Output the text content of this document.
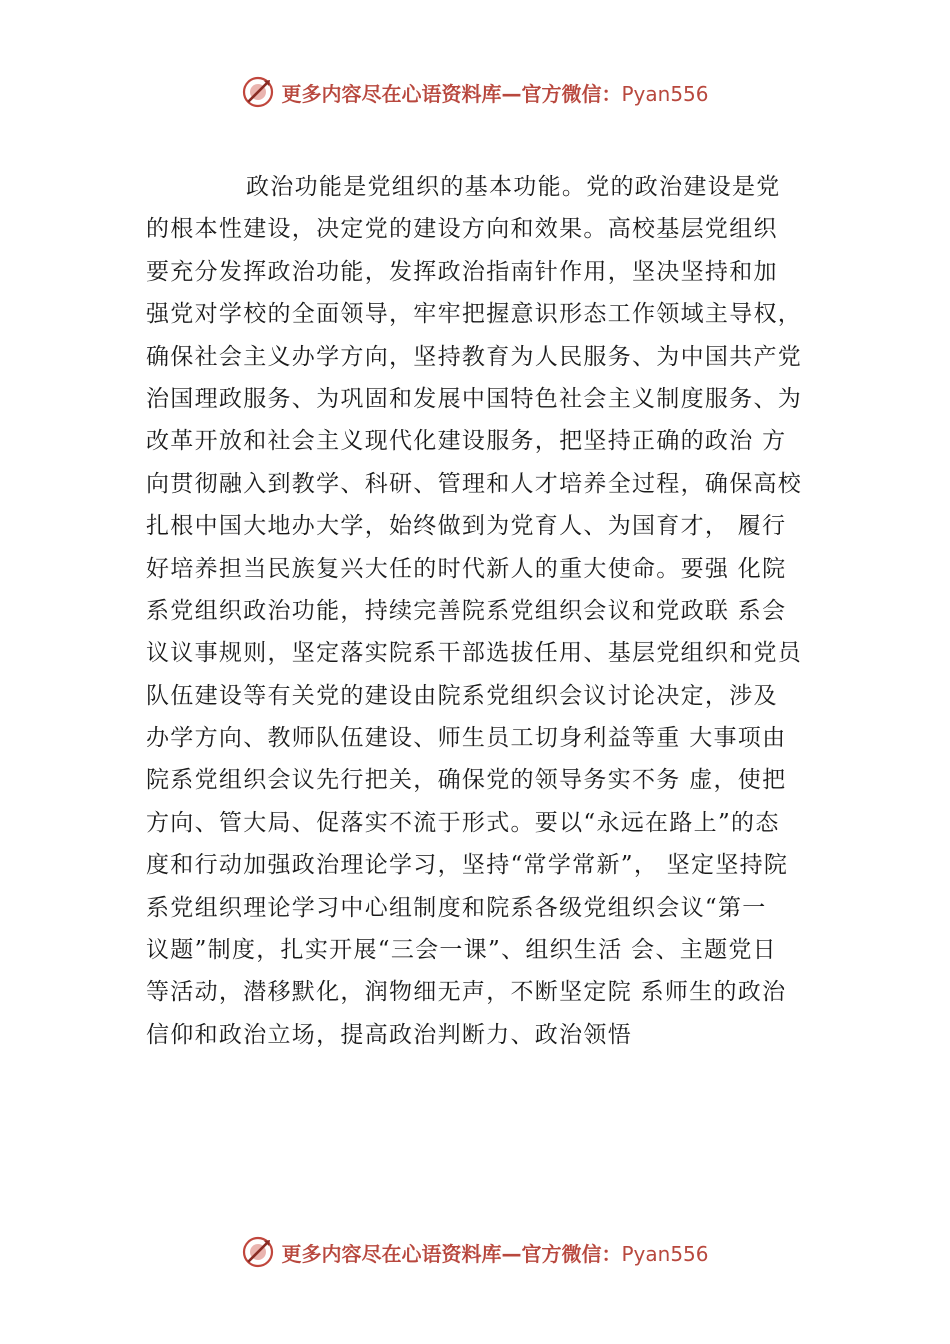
更多内容尽在心语资料库—官方微信：Pyan556
政治功能是党组织的基本功能。党的政治建设是党
的根本性建设，决定党的建设方向和效果。高校基层党组织
要充分发挥政治功能，发挥政治指南针作用，坚决坚持和加
强党对学校的全面领导，牢牢把握意识形态工作领域主导权，
确保社会主义办学方向，坚持教育为人民服务、为中国共产党
治国理政服务、为巩固和发展中国特色社会主义制度服务、为
改革开放和社会主义现代化建设服务，把坚持正确的政治 方
向贯彻融入到教学、科研、管理和人才培养全过程，确保高校
扎根中国大地办大学，始终做到为党育人、为国育才， 履行
好培养担当民族复兴大任的时代新人的重大使命。要强 化院
系党组织政治功能，持续完善院系党组织会议和党政联 系会
议议事规则，坚定落实院系干部选拔任用、基层党组织和党员
队伍建设等有关党的建设由院系党组织会议讨论决定，涉及
办学方向、教师队伍建设、师生员工切身利益等重 大事项由
院系党组织会议先行把关，确保党的领导务实不务 虚，使把
方向、管大局、促落实不流于形式。要以“永远在路上”的态
度和行动加强政治理论学习，坚持“常学常新”， 坚定坚持院
系党组织理论学习中心组制度和院系各级党组织会议“第一
议题”制度，扎实开展“三会一课”、组织生活 会、主题党日
等活动，潜移默化，润物细无声，不断坚定院 系师生的政治
信仰和政治立场，提高政治判断力、政治领悟
更多内容尽在心语资料库—官方微信：Pyan556
